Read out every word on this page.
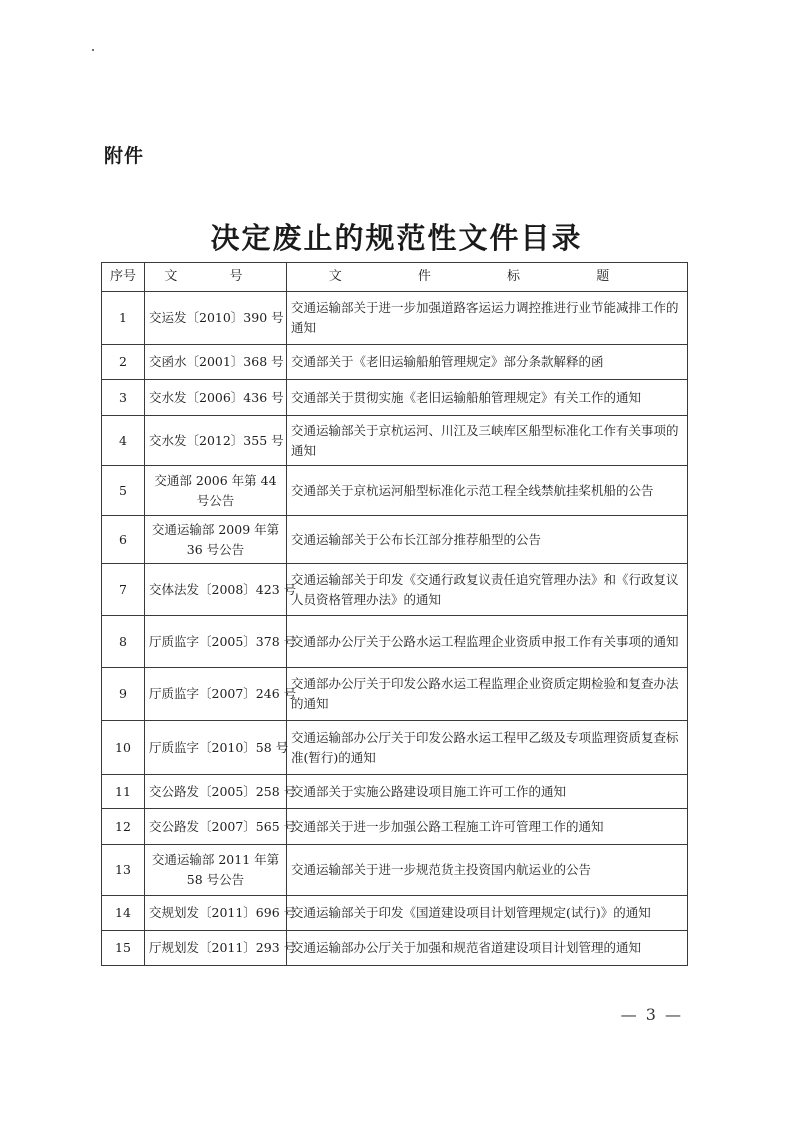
附件
决定废止的规范性文件目录
序号	文 号	文 件 标 题
1	交运发〔2010〕390 号	交通运输部关于进一步加强道路客运运力调控推进行业节能减排工作的通知
2	交函水〔2001〕368 号	交通部关于《老旧运输船舶管理规定》部分条款解释的函
3	交水发〔2006〕436 号	交通部关于贯彻实施《老旧运输船舶管理规定》有关工作的通知
4	交水发〔2012〕355 号	交通运输部关于京杭运河、川江及三峡库区船型标准化工作有关事项的通知
5	交通部 2006 年第 44 号公告	交通部关于京杭运河船型标准化示范工程全线禁航挂桨机船的公告
6	交通运输部 2009 年第 36 号公告	交通运输部关于公布长江部分推荐船型的公告
7	交体法发〔2008〕423 号	交通运输部关于印发《交通行政复议责任追究管理办法》和《行政复议人员资格管理办法》的通知
8	厅质监字〔2005〕378 号	交通部办公厅关于公路水运工程监理企业资质申报工作有关事项的通知
9	厅质监字〔2007〕246 号	交通部办公厅关于印发公路水运工程监理企业资质定期检验和复查办法的通知
10	厅质监字〔2010〕58 号	交通运输部办公厅关于印发公路水运工程甲乙级及专项监理资质复查标准(暂行)的通知
11	交公路发〔2005〕258 号	交通部关于实施公路建设项目施工许可工作的通知
12	交公路发〔2007〕565 号	交通部关于进一步加强公路工程施工许可管理工作的通知
13	交通运输部 2011 年第 58 号公告	交通运输部关于进一步规范货主投资国内航运业的公告
14	交规划发〔2011〕696 号	交通运输部关于印发《国道建设项目计划管理规定(试行)》的通知
15	厅规划发〔2011〕293 号	交通运输部办公厅关于加强和规范省道建设项目计划管理的通知
— 3 —
